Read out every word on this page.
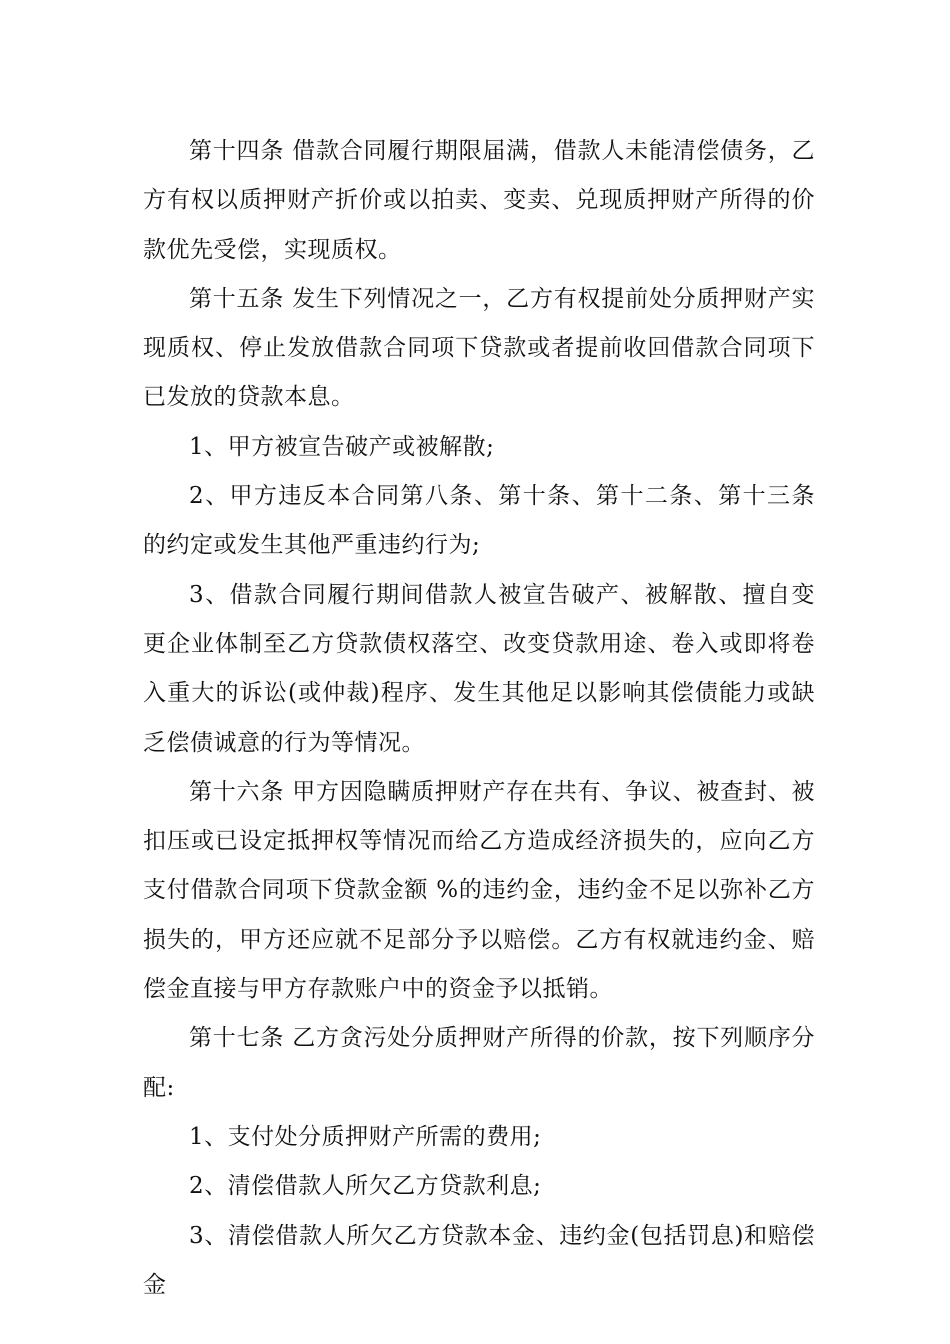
第十四条 借款合同履行期限届满，借款人未能清偿债务，乙方有权以质押财产折价或以拍卖、变卖、兑现质押财产所得的价款优先受偿，实现质权。

第十五条 发生下列情况之一，乙方有权提前处分质押财产实现质权、停止发放借款合同项下贷款或者提前收回借款合同项下已发放的贷款本息。

1、甲方被宣告破产或被解散;

2、甲方违反本合同第八条、第十条、第十二条、第十三条的约定或发生其他严重违约行为;

3、借款合同履行期间借款人被宣告破产、被解散、擅自变更企业体制至乙方贷款债权落空、改变贷款用途、卷入或即将卷入重大的诉讼(或仲裁)程序、发生其他足以影响其偿债能力或缺乏偿债诚意的行为等情况。

第十六条 甲方因隐瞒质押财产存在共有、争议、被查封、被扣压或已设定抵押权等情况而给乙方造成经济损失的，应向乙方支付借款合同项下贷款金额 %的违约金，违约金不足以弥补乙方损失的，甲方还应就不足部分予以赔偿。乙方有权就违约金、赔偿金直接与甲方存款账户中的资金予以抵销。

第十七条 乙方贪污处分质押财产所得的价款，按下列顺序分配:

1、支付处分质押财产所需的费用;

2、清偿借款人所欠乙方贷款利息;

3、清偿借款人所欠乙方贷款本金、违约金(包括罚息)和赔偿金
